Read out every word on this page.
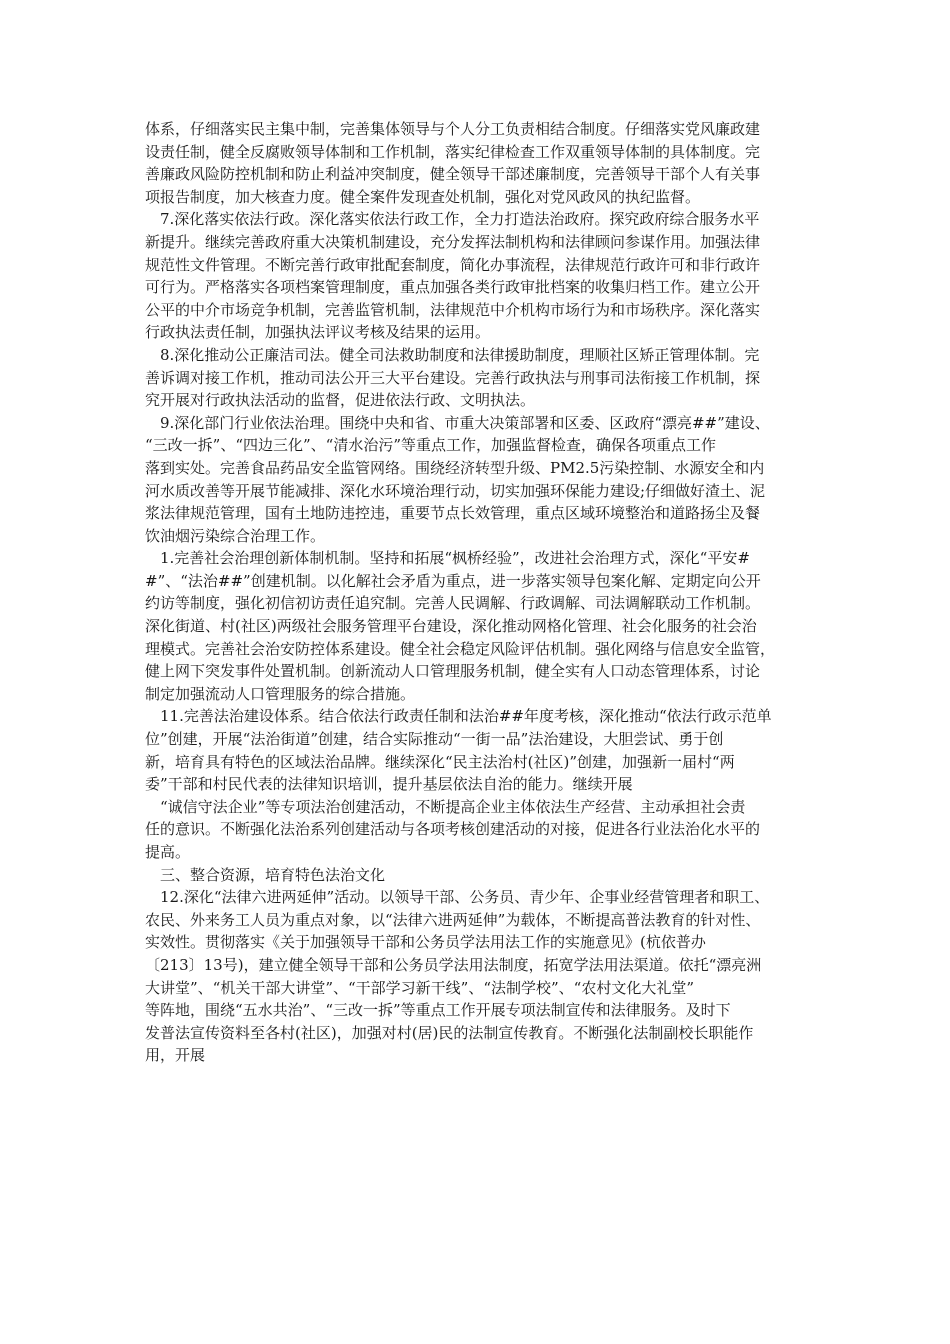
体系，仔细落实民主集中制，完善集体领导与个人分工负责相结合制度。仔细落实党风廉政建
设责任制，健全反腐败领导体制和工作机制，落实纪律检查工作双重领导体制的具体制度。完
善廉政风险防控机制和防止利益冲突制度，健全领导干部述廉制度，完善领导干部个人有关事
项报告制度，加大核查力度。健全案件发现查处机制，强化对党风政风的执纪监督。
　7.深化落实依法行政。深化落实依法行政工作，全力打造法治政府。探究政府综合服务水平
新提升。继续完善政府重大决策机制建设，充分发挥法制机构和法律顾问参谋作用。加强法律
规范性文件管理。不断完善行政审批配套制度，简化办事流程，法律规范行政许可和非行政许
可行为。严格落实各项档案管理制度，重点加强各类行政审批档案的收集归档工作。建立公开
公平的中介市场竞争机制，完善监管机制，法律规范中介机构市场行为和市场秩序。深化落实
行政执法责任制，加强执法评议考核及结果的运用。
　8.深化推动公正廉洁司法。健全司法救助制度和法律援助制度，理顺社区矫正管理体制。完
善诉调对接工作机，推动司法公开三大平台建设。完善行政执法与刑事司法衔接工作机制，探
究开展对行政执法活动的监督，促进依法行政、文明执法。
　9.深化部门行业依法治理。围绕中央和省、市重大决策部署和区委、区政府“漂亮##”建设、
“三改一拆”、“四边三化”、“清水治污”等重点工作，加强监督检查，确保各项重点工作
落到实处。完善食品药品安全监管网络。围绕经济转型升级、PM2.5污染控制、水源安全和内
河水质改善等开展节能减排、深化水环境治理行动，切实加强环保能力建设;仔细做好渣土、泥
浆法律规范管理，国有土地防违控违，重要节点长效管理，重点区域环境整治和道路扬尘及餐
饮油烟污染综合治理工作。
　1.完善社会治理创新体制机制。坚持和拓展“枫桥经验”，改进社会治理方式，深化“平安#
#”、“法治##”创建机制。以化解社会矛盾为重点，进一步落实领导包案化解、定期定向公开
约访等制度，强化初信初访责任追究制。完善人民调解、行政调解、司法调解联动工作机制。
深化街道、村(社区)两级社会服务管理平台建设，深化推动网格化管理、社会化服务的社会治
理模式。完善社会治安防控体系建设。健全社会稳定风险评估机制。强化网络与信息安全监管，
健上网下突发事件处置机制。创新流动人口管理服务机制，健全实有人口动态管理体系，讨论
制定加强流动人口管理服务的综合措施。
　11.完善法治建设体系。结合依法行政责任制和法治##年度考核，深化推动“依法行政示范单
位”创建，开展“法治街道”创建，结合实际推动“一街一品”法治建设，大胆尝试、勇于创
新，培育具有特色的区域法治品牌。继续深化“民主法治村(社区)”创建，加强新一届村“两
委”干部和村民代表的法律知识培训，提升基层依法自治的能力。继续开展
　“诚信守法企业”等专项法治创建活动，不断提高企业主体依法生产经营、主动承担社会责
任的意识。不断强化法治系列创建活动与各项考核创建活动的对接，促进各行业法治化水平的
提高。
　三、整合资源，培育特色法治文化
　12.深化“法律六进两延伸”活动。以领导干部、公务员、青少年、企事业经营管理者和职工、
农民、外来务工人员为重点对象，以“法律六进两延伸”为载体，不断提高普法教育的针对性、
实效性。贯彻落实《关于加强领导干部和公务员学法用法工作的实施意见》(杭依普办
〔213〕13号)，建立健全领导干部和公务员学法用法制度，拓宽学法用法渠道。依托“漂亮洲
大讲堂”、“机关干部大讲堂”、“干部学习新干线”、“法制学校”、“农村文化大礼堂”
等阵地，围绕“五水共治”、“三改一拆”等重点工作开展专项法制宣传和法律服务。及时下
发普法宣传资料至各村(社区)，加强对村(居)民的法制宣传教育。不断强化法制副校长职能作
用，开展
